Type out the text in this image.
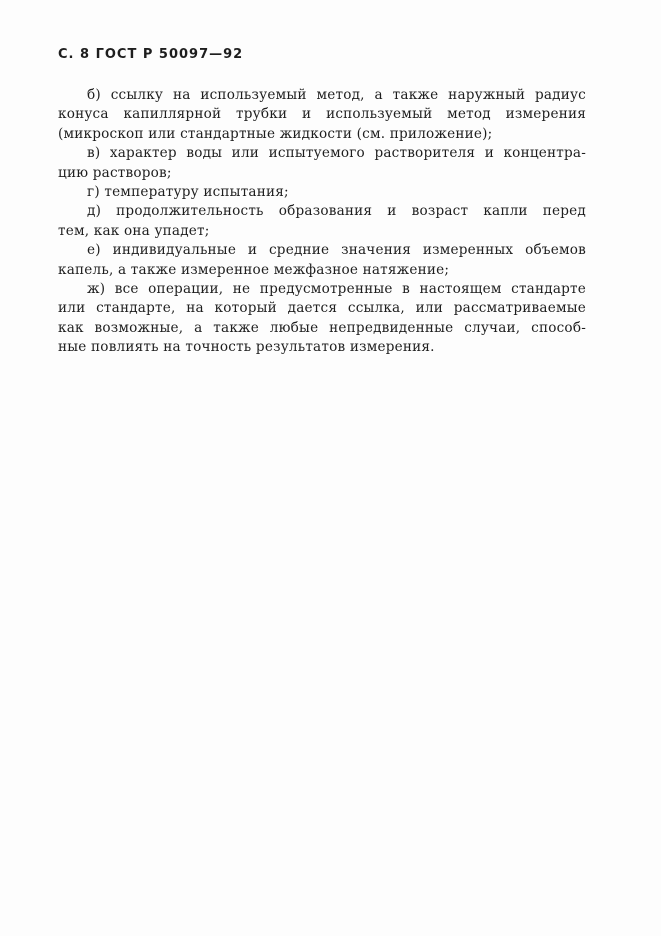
С. 8 ГОСТ Р 50097—92
б) ссылку на используемый метод, а также наружный радиус
конуса капиллярной трубки и используемый метод измерения
(микроскоп или стандартные жидкости (см. приложение);
в) характер воды или испытуемого растворителя и концентра-
цию растворов;
г) температуру испытания;
д) продолжительность образования и возраст капли перед
тем, как она упадет;
е) индивидуальные и средние значения измеренных объемов
капель, а также измеренное межфазное натяжение;
ж) все операции, не предусмотренные в настоящем стандарте
или стандарте, на который дается ссылка, или рассматриваемые
как возможные, а также любые непредвиденные случаи, способ-
ные повлиять на точность результатов измерения.
